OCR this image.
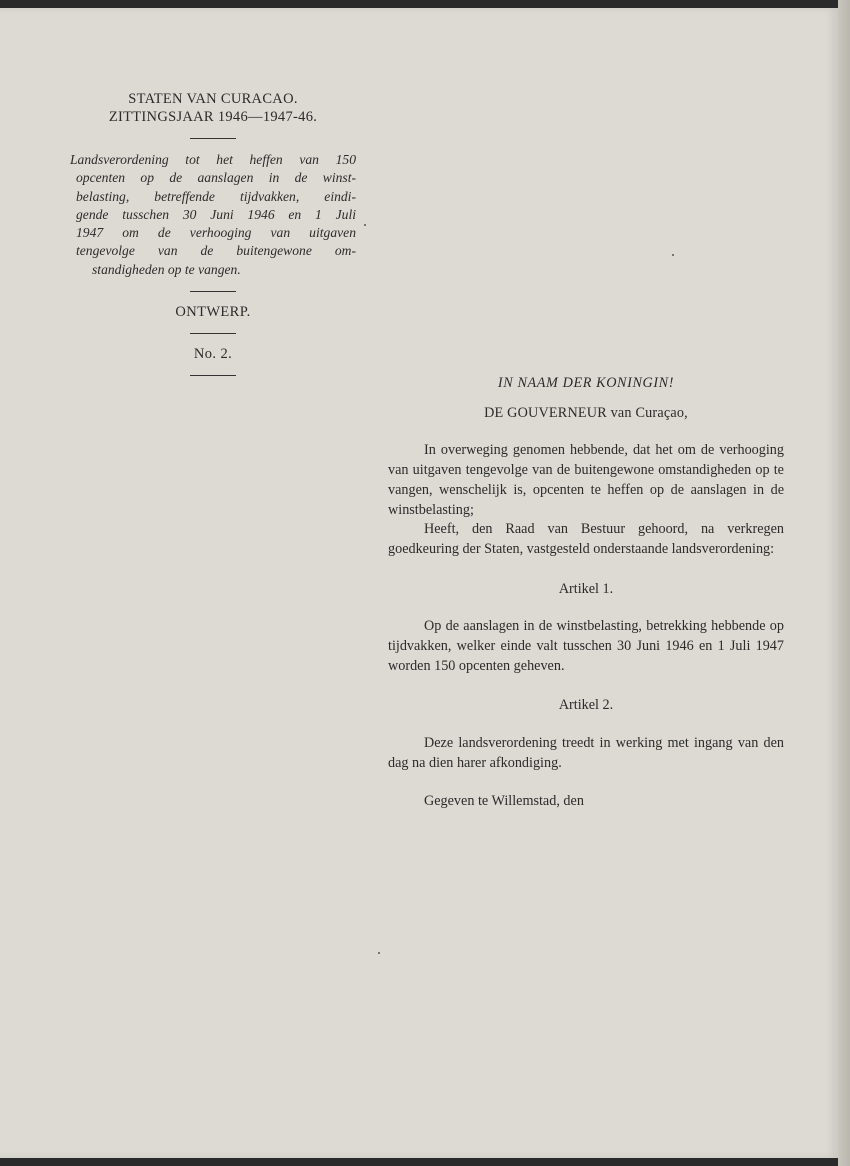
STATEN VAN CURACAO.
ZITTINGSJAAR 1946—1947-46.
Landsverordening tot het heffen van 150
opcenten op de aanslagen in de winst-
belasting, betreffende tijdvakken, eindi-
gende tusschen 30 Juni 1946 en 1 Juli
1947 om de verhooging van uitgaven
tengevolge van de buitengewone om-
standigheden op te vangen.
ONTWERP.
No. 2.
IN NAAM DER KONINGIN!
DE GOUVERNEUR van Curaçao,
In overweging genomen hebbende, dat het om de verhooging van uitgaven tengevolge van de buitengewone omstandigheden op te vangen, wenschelijk is, opcenten te heffen op de aanslagen in de winstbelasting;
Heeft, den Raad van Bestuur gehoord, na verkregen goedkeuring der Staten, vastgesteld onderstaande landsverordening:
Artikel 1.
Op de aanslagen in de winstbelasting, betrekking hebbende op tijdvakken, welker einde valt tusschen 30 Juni 1946 en 1 Juli 1947 worden 150 opcenten geheven.
Artikel 2.
Deze landsverordening treedt in werking met ingang van den dag na dien harer afkondiging.
Gegeven te Willemstad, den
